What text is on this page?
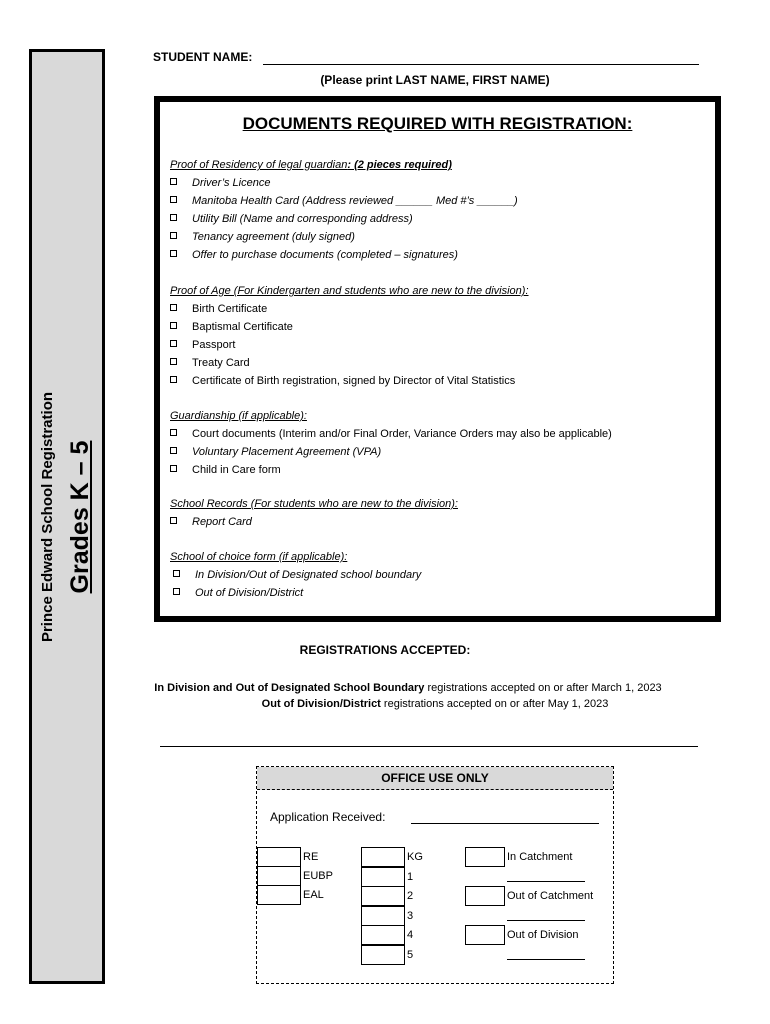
Prince Edward School Registration Grades K – 5
STUDENT NAME:
(Please print LAST NAME, FIRST NAME)
DOCUMENTS REQUIRED WITH REGISTRATION:
Proof of Residency of legal guardian: (2 pieces required)
Driver’s Licence
Manitoba Health Card (Address reviewed ______ Med #’s ______)
Utility Bill (Name and corresponding address)
Tenancy agreement (duly signed)
Offer to purchase documents (completed – signatures)
Proof of Age (For Kindergarten and students who are new to the division):
Birth Certificate
Baptismal Certificate
Passport
Treaty Card
Certificate of Birth registration, signed by Director of Vital Statistics
Guardianship (if applicable):
Court documents (Interim and/or Final Order, Variance Orders may also be applicable)
Voluntary Placement Agreement (VPA)
Child in Care form
School Records (For students who are new to the division):
Report Card
School of choice form (if applicable):
In Division/Out of Designated school boundary
Out of Division/District
REGISTRATIONS ACCEPTED:
In Division and Out of Designated School Boundary registrations accepted on or after March 1, 2023
Out of Division/District registrations accepted on or after May 1, 2023
OFFICE USE ONLY
Application Received:
RE
EUBP
EAL
KG
1
2
3
4
5
In Catchment
Out of Catchment
Out of Division
